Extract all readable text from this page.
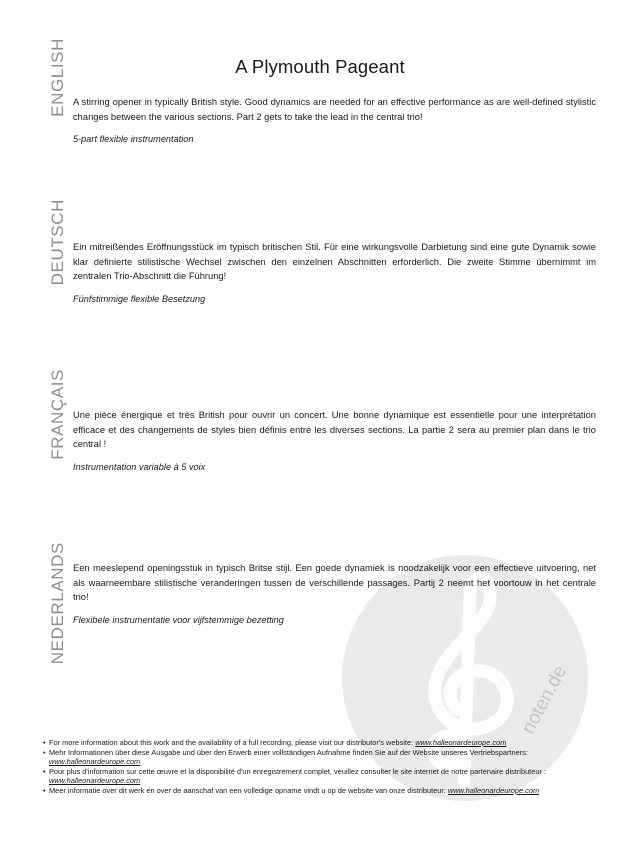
noten.de
A Plymouth Pageant
ENGLISH
DEUTSCH
FRANÇAIS
NEDERLANDS

A stirring opener in typically British style. Good dynamics are needed for an effective performance as are well-defined stylistic changes between the various sections. Part 2 gets to take the lead in the central trio!

5-part flexible instrumentation

Ein mitreißendes Eröffnungsstück im typisch britischen Stil. Für eine wirkungsvolle Darbietung sind eine gute Dynamik sowie klar definierte stilistische Wechsel zwischen den einzelnen Abschnitten erforderlich. Die zweite Stimme übernimmt im zentralen Trio-Abschnitt die Führung!

Fünfstimmige flexible Besetzung

Une pièce énergique et très British pour ouvrir un concert. Une bonne dynamique est essentielle pour une interprétation efficace et des changements de styles bien définis entre les diverses sections. La partie 2 sera au premier plan dans le trio central !

Instrumentation variable à 5 voix

Een meeslepend openingsstuk in typisch Britse stijl. Een goede dynamiek is noodzakelijk voor een effectieve uitvoering, net als waarneembare stilistische veranderingen tussen de verschillende passages. Partij 2 neemt het voortouw in het centrale trio!

Flexibele instrumentatie voor vijfstemmige bezetting

• For more information about this work and the availability of a full recording, please visit our distributor's website: www.halleonardeurope.com
• Mehr Informationen über diese Ausgabe und über den Erwerb einer vollständigen Aufnahme finden Sie auf der Website unseres Vertriebspartners: www.halleonardeurope.com
• Pour plus d'information sur cette œuvre et la disponibilité d'un enregistrement complet, veuillez consulter le site internet de notre partenaire distributeur : www.halleonardeurope.com
• Meer informatie over dit werk en over de aanschaf van een volledige opname vindt u op de website van onze distributeur: www.halleonardeurope.com
